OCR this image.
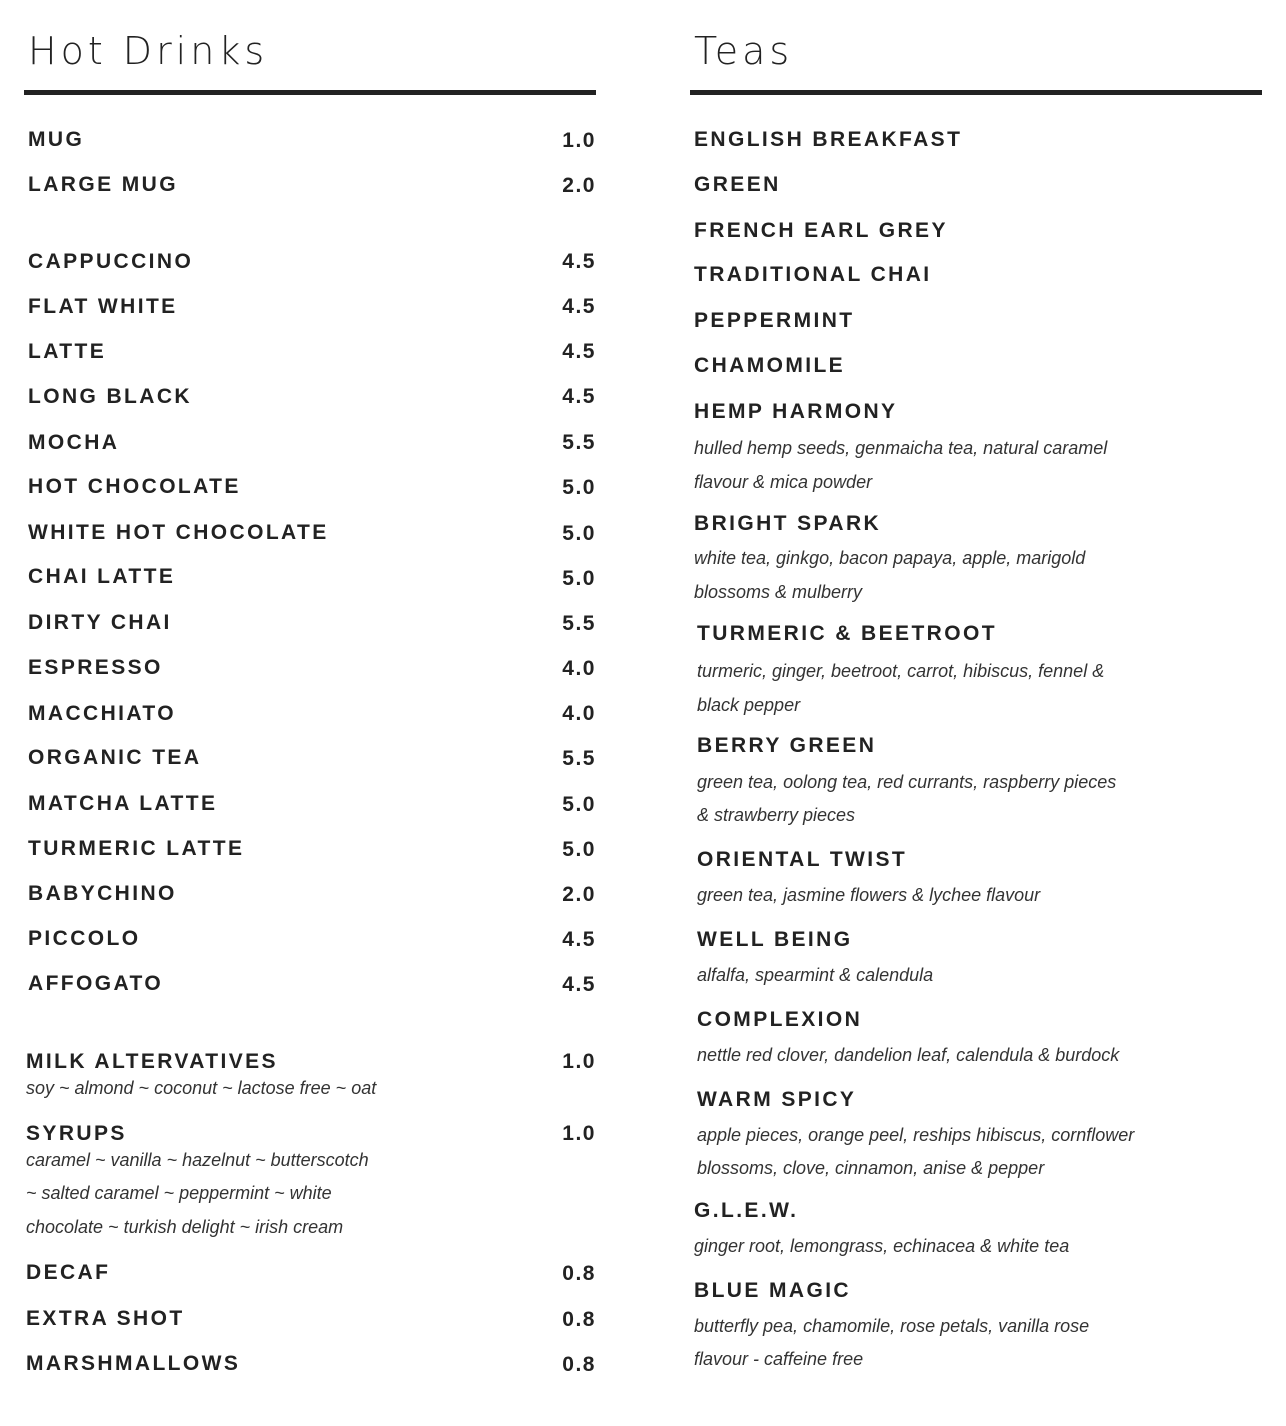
Hot Drinks
MUG	1.0
LARGE MUG	2.0
CAPPUCCINO	4.5
FLAT WHITE	4.5
LATTE	4.5
LONG BLACK	4.5
MOCHA	5.5
HOT CHOCOLATE	5.0
WHITE HOT CHOCOLATE	5.0
CHAI LATTE	5.0
DIRTY CHAI	5.5
ESPRESSO	4.0
MACCHIATO	4.0
ORGANIC TEA	5.5
MATCHA LATTE	5.0
TURMERIC LATTE	5.0
BABYCHINO	2.0
PICCOLO	4.5
AFFOGATO	4.5
MILK ALTERVATIVES	1.0
soy ~ almond ~ coconut ~ lactose free ~ oat
SYRUPS	1.0
caramel ~ vanilla ~ hazelnut ~ butterscotch
~ salted caramel ~ peppermint ~ white
chocolate ~ turkish delight ~ irish cream
DECAF	0.8
EXTRA SHOT	0.8
MARSHMALLOWS	0.8
Teas
ENGLISH BREAKFAST
GREEN
FRENCH EARL GREY
TRADITIONAL CHAI
PEPPERMINT
CHAMOMILE
HEMP HARMONY
hulled hemp seeds, genmaicha tea, natural caramel
flavour & mica powder
BRIGHT SPARK
white tea, ginkgo, bacon papaya, apple, marigold
blossoms & mulberry
TURMERIC & BEETROOT
turmeric, ginger, beetroot, carrot, hibiscus, fennel &
black pepper
BERRY GREEN
green tea, oolong tea, red currants, raspberry pieces
& strawberry pieces
ORIENTAL TWIST
green tea, jasmine flowers & lychee flavour
WELL BEING
alfalfa, spearmint & calendula
COMPLEXION
nettle red clover, dandelion leaf, calendula & burdock
WARM SPICY
apple pieces, orange peel, reships hibiscus, cornflower
blossoms, clove, cinnamon, anise & pepper
G.L.E.W.
ginger root, lemongrass, echinacea & white tea
BLUE MAGIC
butterfly pea, chamomile, rose petals, vanilla rose
flavour - caffeine free
